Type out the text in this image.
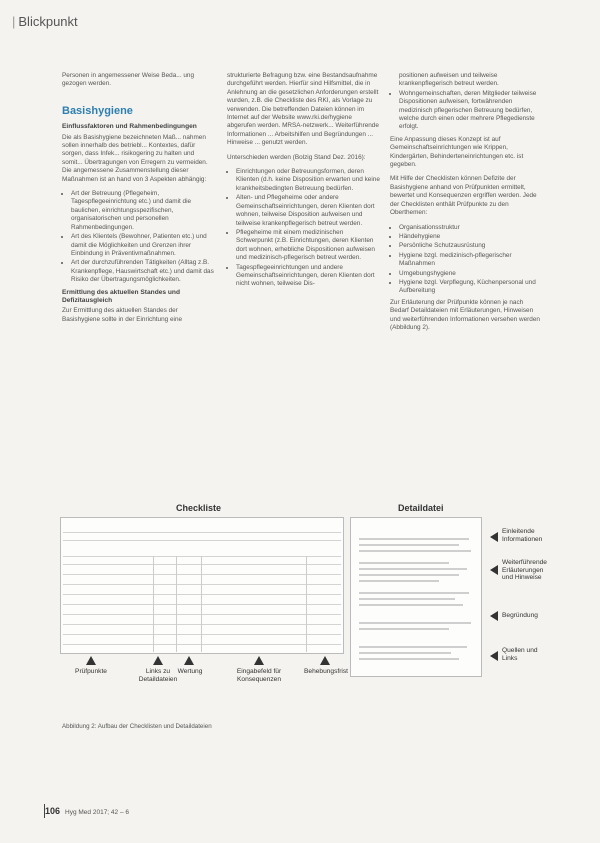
| Blickpunkt

Personen in angemessener Weise Beda... ung gezogen werden.

Basishygiene
Einflussfaktoren und Rahmenbedingungen

Die als Basishygiene bezeichneten Maß... nahmen sollen innerhalb des betriebl... Kontextes, dafür sorgen, dass Infek... risikogering zu halten und somit... Übertragungen von Erregern zu vermeiden. Die angemessene Zusammenstellung dieser Maßnahmen ist an hand von 3 Aspekten abhängig:

• Art der Betreuung (Pflegeheim, Tagespflegeeinrichtung etc.) und damit die baulichen, einrichtungsspezifischen, organisatorischen und personellen Rahmenbedingungen.
• Art des Klientels (Bewohner, Patienten etc.) und damit die Möglichkeiten und Grenzen ihrer Einbindung in Präventivmaßnahmen.
• Art der durchzuführenden Tätigkeiten (Alltag z.B. Krankenpflege, Hauswirtschaft etc.) und damit das Risiko der Übertragungsmöglichkeiten.
Ermittlung des aktuellen Standes und Defizitausgleich

Zur Ermittlung des aktuellen Standes der Basishygiene sollte in der Einrichtung eine

strukturierte Befragung bzw. eine Bestandsaufnahme durchgeführt werden. Hierfür sind Hilfsmittel, die in Anlehnung an die gesetzlichen Anforderungen erstellt wurden, z.B. die Checkliste des RKI, als Vorlage zu verwenden. Die betreffenden Dateien können im Internet auf der Website www.rki.de/hygiene abgerufen werden. MRSA-netzwerk... Weiterführende Informationen ... Arbeitshilfen und Begründungen ... Hinweise ... genutzt werden.

Unterschieden werden (Bolzig Stand Dez. 2016):

• Einrichtungen oder Betreuungsformen, deren Klienten (d.h. keine Disposition erwarten und keine krankheitsbedingten Betreuung bedürfen.
• Alten- und Pflegeheime oder andere Gemeinschaftseinrichtungen, deren Klienten dort wohnen, teilweise Disposition aufweisen und teilweise krankenpflegerisch betreut werden.
• Pflegeheime mit einem medizinischen Schwerpunkt (z.B. Einrichtungen, deren Klienten dort wohnen, erhebliche Dispositionen aufweisen und medizinisch-pflegerisch betreut werden.
• Tagespflegeeinrichtungen und andere Gemeinschaftseinrichtungen, deren Klienten dort nicht wohnen, teilweise Dis-
positionen aufweisen und teilweise krankenpflegerisch betreut werden.
• Wohngemeinschaften, deren Mitglieder teilweise Dispositionen aufweisen, fortwährenden medizinisch pflegerischen Betreuung bedürfen, welche durch einen oder mehrere Pflegedienste erfolgt.

Eine Anpassung dieses Konzept ist auf Gemeinschaftseinrichtungen wie Krippen, Kindergärten, Behinderteneinrichtungen etc. ist gegeben.

Mit Hilfe der Checklisten können Defizite der Basishygiene anhand von Prüfpunkten ermittelt, bewertet und Konsequenzen ergriffen werden. Jede der Checklisten enthält Prüfpunkte zu den Oberthemen:

• Organisationsstruktur
• Händehygiene
• Persönliche Schutzausrüstung
• Hygiene bzgl. medizinisch-pflegerischer Maßnahmen
• Umgebungshygiene
• Hygiene bzgl. Verpflegung, Küchenpersonal und Aufbereitung

Zur Erläuterung der Prüfpunkte können je nach Bedarf Detaildateien mit Erläuterungen, Hinweisen und weiterführenden Informationen versehen werden (Abbildung 2).

Checkliste	Detaildatei
Einleitende Informationen
Weiterführende Erläuterungen und Hinweise
Begründung
Quellen und Links
Prüfpunkte	Links zu Detaildateien
Wertung	Eingabefeld für Konsequenzen
Behebungsfrist
Abbildung 2: Aufbau der Checklisten und Detaildateien
106 Hyg Med 2017; 42 – 6
